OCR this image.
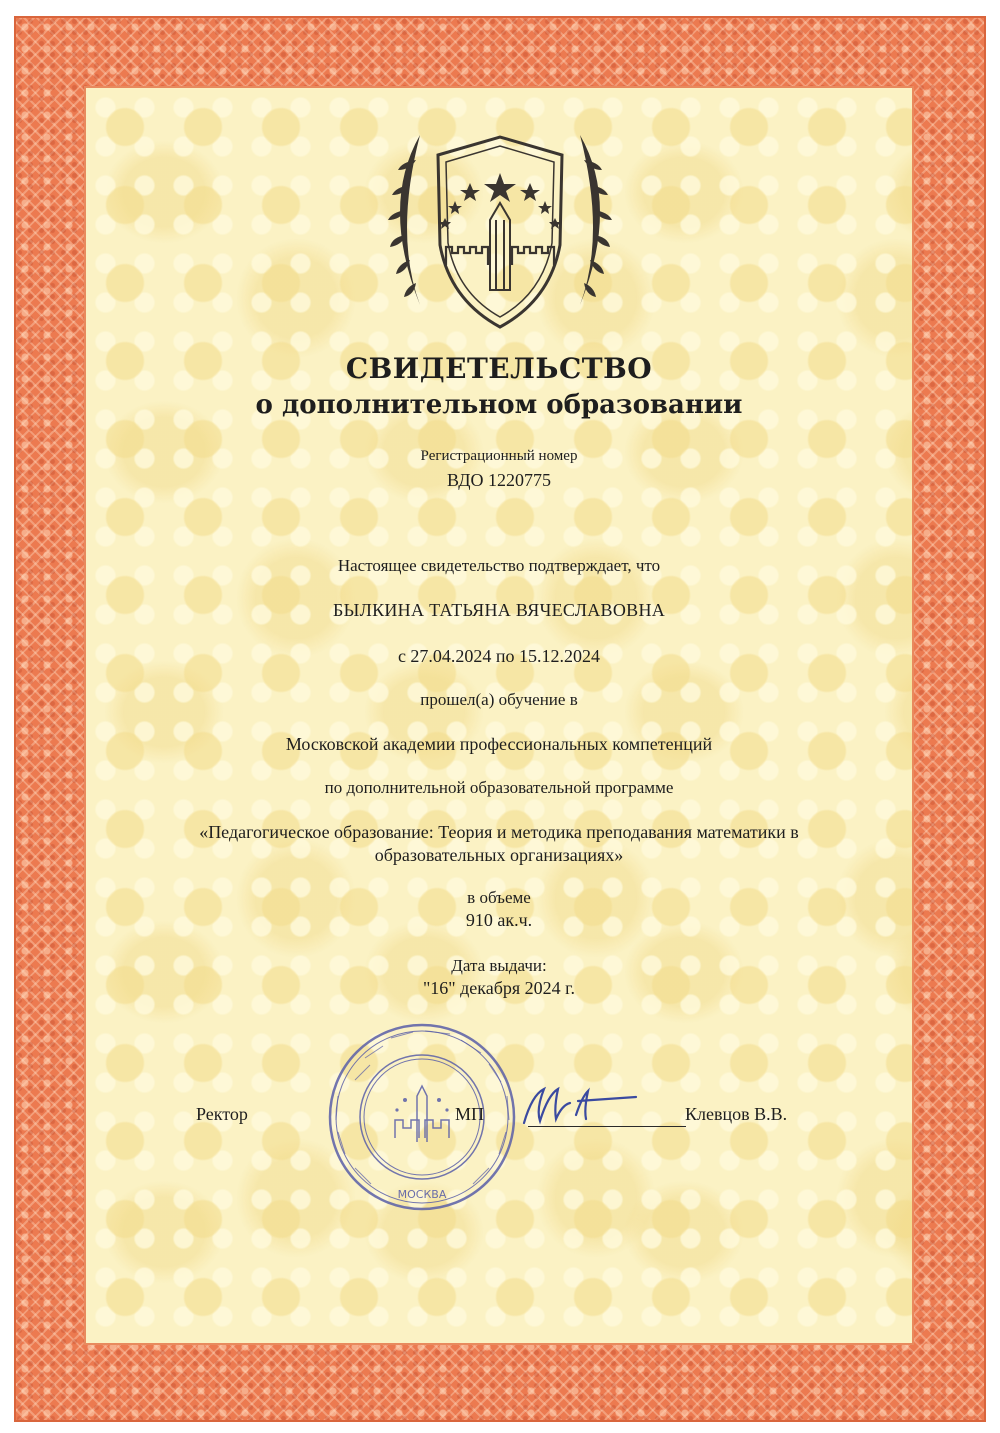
СВИДЕТЕЛЬСТВО
о дополнительном образовании
Регистрационный номер
ВДО 1220775
Настоящее свидетельство подтверждает, что
БЫЛКИНА ТАТЬЯНА ВЯЧЕСЛАВОВНА
с 27.04.2024 по 15.12.2024
прошел(а) обучение в
Московской академии профессиональных компетенций
по дополнительной образовательной программе
«Педагогическое образование: Теория и методика преподавания математики в
образовательных организациях»
в объеме
910 ак.ч.
Дата выдачи:
"16" декабря 2024 г.
МОСКВА
Ректор	МП	Клевцов В.В.
